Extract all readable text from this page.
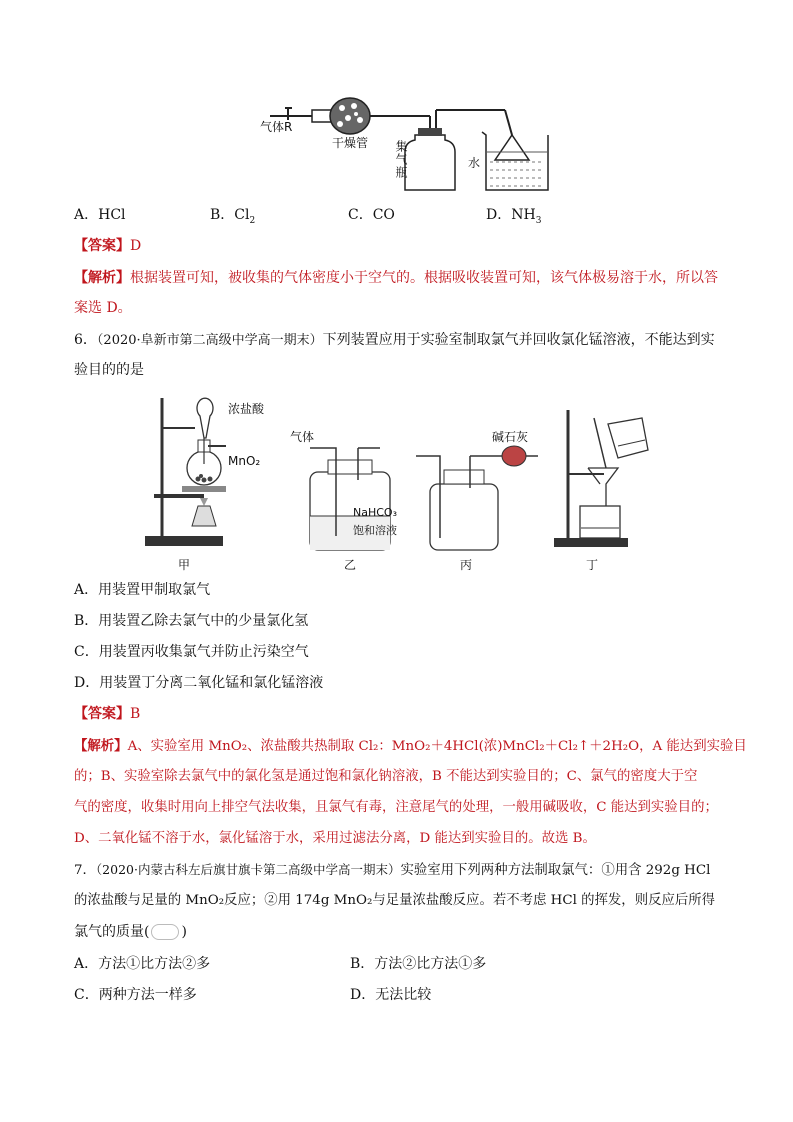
气体R
干燥管 集气瓶	水
A．HCl	B．$Cl_2$	C．CO	D．$NH_3$
【答案】D
【解析】根据装置可知，被收集的气体密度小于空气的。根据吸收装置可知，该气体极易溶于水，所以答
案选 D。
6．（2020·阜新市第二高级中学高一期末）下列装置应用于实验室制取氯气并回收氯化锰溶液，不能达到实
验目的的是
浓盐酸
MnO₂
甲
气体
NaHCO₃
饱和溶液
乙
碱石灰
丙	丁
A．用装置甲制取氯气
B．用装置乙除去氯气中的少量氯化氢
C．用装置丙收集氯气并防止污染空气
D．用装置丁分离二氧化锰和氯化锰溶液
【答案】B
【解析】A、实验室用 MnO₂、浓盐酸共热制取 Cl₂：MnO₂＋4HCl(浓)MnCl₂＋Cl₂↑＋2H₂O，A 能达到实验目
的；B、实验室除去氯气中的氯化氢是通过饱和氯化钠溶液，B 不能达到实验目的；C、氯气的密度大于空
气的密度，收集时用向上排空气法收集，且氯气有毒，注意尾气的处理，一般用碱吸收，C 能达到实验目的；
D、二氧化锰不溶于水，氯化锰溶于水，采用过滤法分离，D 能达到实验目的。故选 B。
7．（2020·内蒙古科左后旗甘旗卡第二高级中学高一期末）实验室用下列两种方法制取氯气：①用含 292g HCl
的浓盐酸与足量的 MnO₂反应；②用 174g MnO₂与足量浓盐酸反应。若不考虑 HCl 的挥发，则反应后所得
氯气的质量( )
A．方法①比方法②多	B．方法②比方法①多
C．两种方法一样多	D．无法比较
